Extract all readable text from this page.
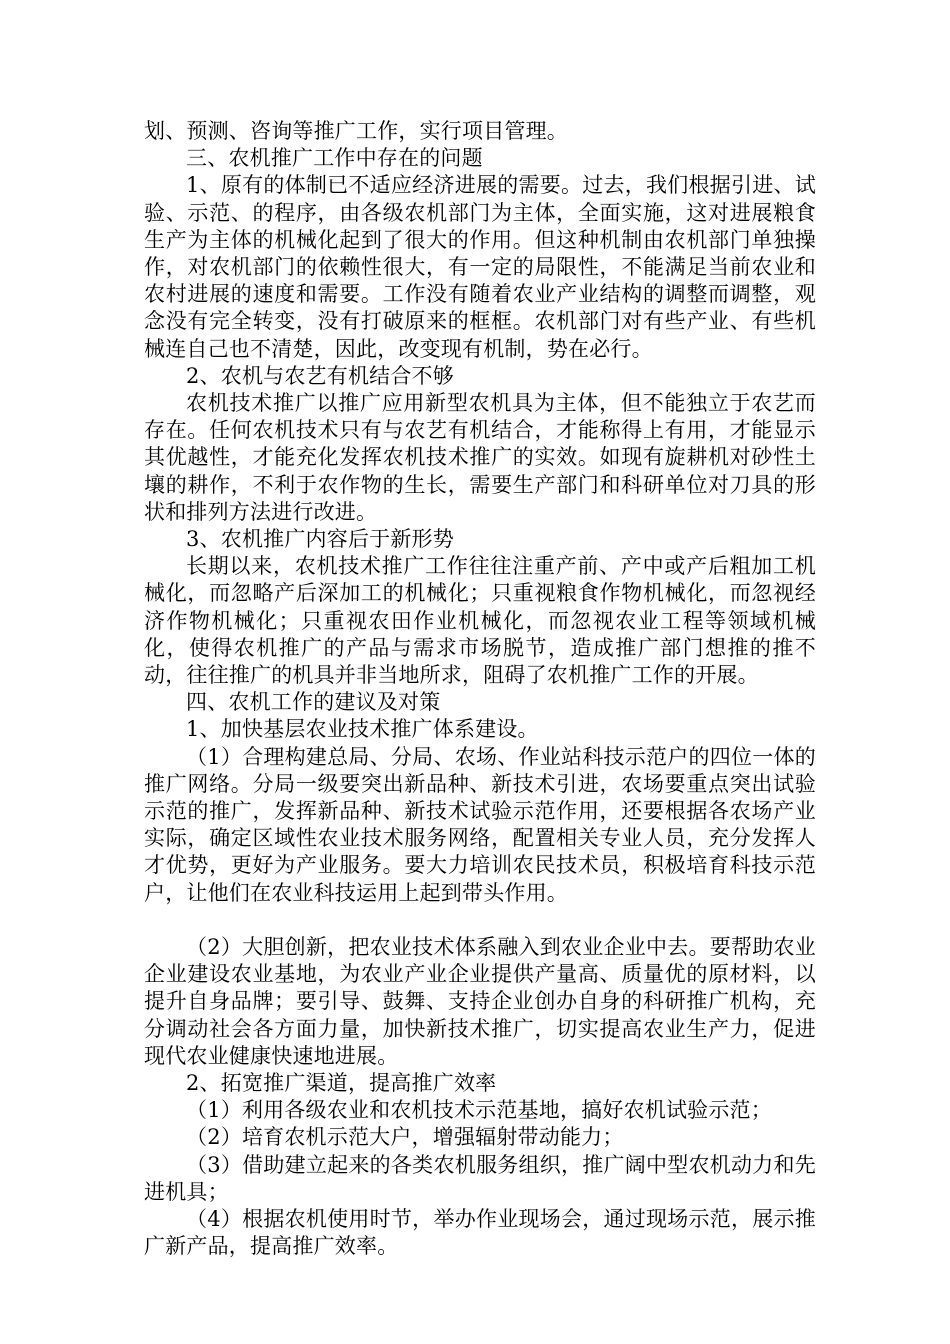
划、预测、咨询等推广工作，实行项目管理。

三、农机推广工作中存在的问题

1、原有的体制已不适应经济进展的需要。过去，我们根据引进、试验、示范、的程序，由各级农机部门为主体，全面实施，这对进展粮食生产为主体的机械化起到了很大的作用。但这种机制由农机部门单独操作，对农机部门的依赖性很大，有一定的局限性，不能满足当前农业和农村进展的速度和需要。工作没有随着农业产业结构的调整而调整，观念没有完全转变，没有打破原来的框框。农机部门对有些产业、有些机械连自己也不清楚，因此，改变现有机制，势在必行。

2、农机与农艺有机结合不够

农机技术推广以推广应用新型农机具为主体，但不能独立于农艺而存在。任何农机技术只有与农艺有机结合，才能称得上有用，才能显示其优越性，才能充化发挥农机技术推广的实效。如现有旋耕机对砂性土壤的耕作，不利于农作物的生长，需要生产部门和科研单位对刀具的形状和排列方法进行改进。

3、农机推广内容后于新形势

长期以来，农机技术推广工作往往注重产前、产中或产后粗加工机械化，而忽略产后深加工的机械化；只重视粮食作物机械化，而忽视经济作物机械化；只重视农田作业机械化，而忽视农业工程等领域机械化，使得农机推广的产品与需求市场脱节，造成推广部门想推的推不动，往往推广的机具并非当地所求，阻碍了农机推广工作的开展。

四、农机工作的建议及对策

1、加快基层农业技术推广体系建设。

（1）合理构建总局、分局、农场、作业站科技示范户的四位一体的推广网络。分局一级要突出新品种、新技术引进，农场要重点突出试验示范的推广，发挥新品种、新技术试验示范作用，还要根据各农场产业实际，确定区域性农业技术服务网络，配置相关专业人员，充分发挥人才优势，更好为产业服务。要大力培训农民技术员，积极培育科技示范户，让他们在农业科技运用上起到带头作用。

（2）大胆创新，把农业技术体系融入到农业企业中去。要帮助农业企业建设农业基地，为农业产业企业提供产量高、质量优的原材料，以提升自身品牌；要引导、鼓舞、支持企业创办自身的科研推广机构，充分调动社会各方面力量，加快新技术推广，切实提高农业生产力，促进现代农业健康快速地进展。

2、拓宽推广渠道，提高推广效率

（1）利用各级农业和农机技术示范基地，搞好农机试验示范；

（2）培育农机示范大户，增强辐射带动能力；

（3）借助建立起来的各类农机服务组织，推广阔中型农机动力和先进机具；

（4）根据农机使用时节，举办作业现场会，通过现场示范，展示推广新产品，提高推广效率。
